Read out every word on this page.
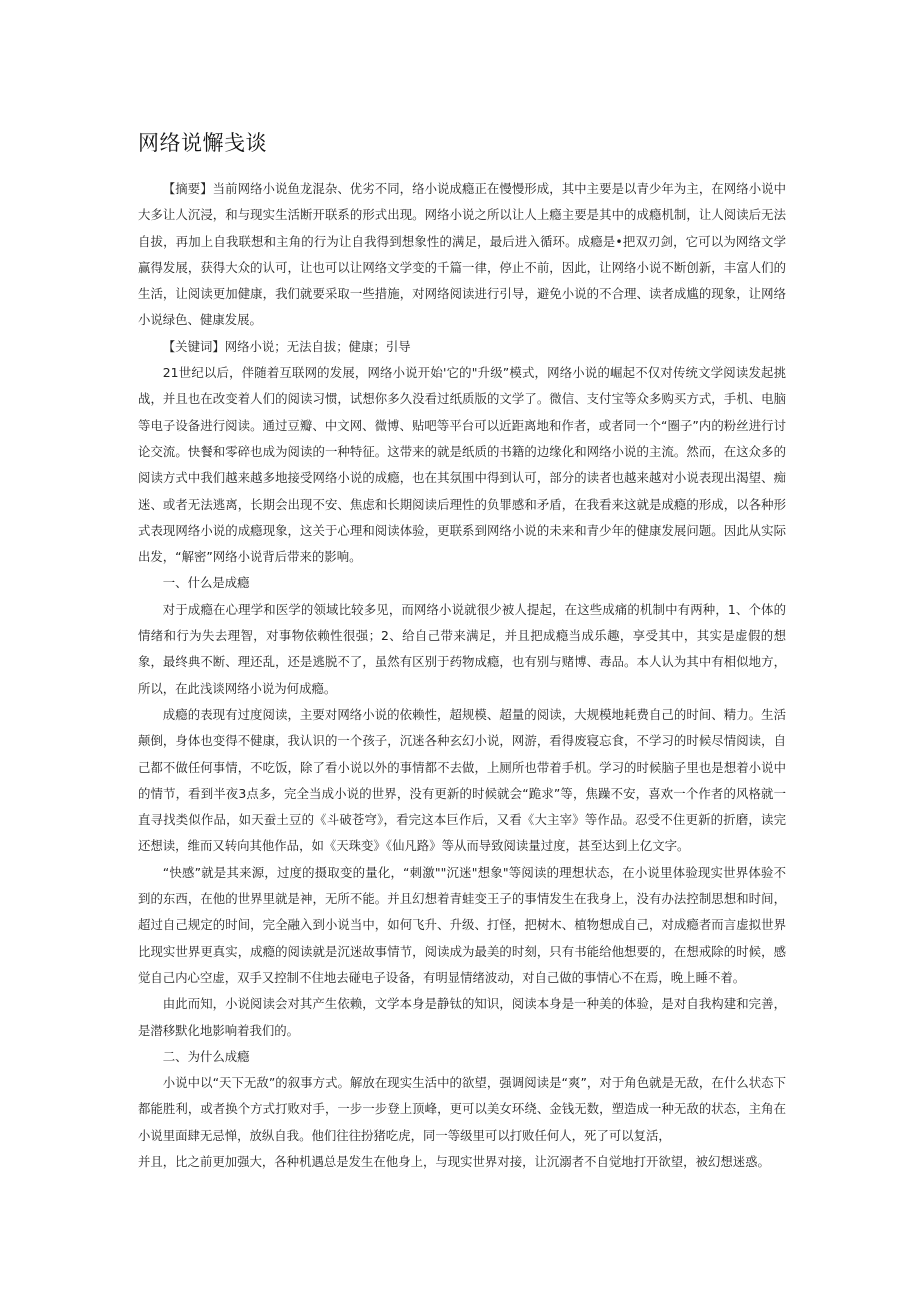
网络说懈戋谈

【摘要】当前网络小说鱼龙混杂、优劣不同，络小说成瘾正在慢慢形成，其中主要是以青少年为主，在网络小说中大多让人沉浸，和与现实生活断开联系的形式出现。网络小说之所以让人上瘾主要是其中的成瘾机制，让人阅读后无法自拔，再加上自我联想和主角的行为让自我得到想象性的满足，最后进入循环。成瘾是•把双刃剑，它可以为网络文学赢得发展，获得大众的认可，让也可以让网络文学变的千篇一律，停止不前，因此，让网络小说不断创新，丰富人们的生活，让阅读更加健康，我们就要采取一些措施，对网络阅读进行引导，避免小说的不合理、读者成尴的现象，让网络小说绿色、健康发展。

【关键词】网络小说；无法自拔；健康；引导

21世纪以后，伴随着互联网的发展，网络小说开始'它的"升级”模式，网络小说的崛起不仅对传统文学阅读发起挑战，并且也在改变着人们的阅读习惯，试想你多久没看过纸质版的文学了。微信、支付宝等众多购买方式，手机、电脑等电子设备进行阅读。通过豆瓣、中文网、微博、贴吧等平台可以近距离地和作者，或者同一个“圈子”内的粉丝进行讨论交流。快餐和零碎也成为阅读的一种特征。这带来的就是纸质的书籍的边缘化和网络小说的主流。然而，在这众多的阅读方式中我们越来越多地接受网络小说的成瘾，也在其氛围中得到认可，部分的读者也越来越对小说表现出渴望、痴迷、或者无法逃离，长期会出现不安、焦虑和长期阅读后理性的负罪感和矛盾，在我看来这就是成瘾的形成，以各种形式表现网络小说的成瘾现象，这关于心理和阅读体验，更联系到网络小说的未来和青少年的健康发展问题。因此从实际出发，“解密”网络小说背后带来的影响。

一、什么是成瘾

对于成瘾在心理学和医学的领域比较多见，而网络小说就很少被人提起，在这些成痛的机制中有两种，1、个体的情绪和行为失去理智，对事物依赖性很强；2、给自己带来满足，并且把成瘾当成乐趣，享受其中，其实是虚假的想象，最终典不断、理还乱，还是逃脱不了，虽然有区别于药物成瘾，也有别与赌博、毒品。本人认为其中有相似地方，所以，在此浅谈网络小说为何成瘾。

成瘾的表现有过度阅读，主要对网络小说的依赖性，超规模、超量的阅读，大规模地耗费自己的时间、精力。生活颠倒，身体也变得不健康，我认识的一个孩子，沉迷各种玄幻小说，网游，看得废寝忘食，不学习的时候尽情阅读，自己都不做任何事情，不吃饭，除了看小说以外的事情都不去做，上厕所也带着手机。学习的时候脑子里也是想着小说中的情节，看到半夜3点多，完全当成小说的世界，没有更新的时候就会“跪求”等，焦躁不安，喜欢一个作者的风格就一直寻找类似作品，如天蚕土豆的《斗破苍穹》，看完这本巨作后，又看《大主宰》等作品。忍受不住更新的折磨，读完还想读，维而又转向其他作品，如《天珠变》《仙凡路》等从而导致阅读量过度，甚至达到上亿文字。

“快感”就是其来源，过度的摄取变的量化，“刺激""沉迷"想象"等阅读的理想状态，在小说里体验现实世界体验不到的东西，在他的世界里就是神，无所不能。并且幻想着青蛙变王子的事情发生在我身上，没有办法控制思想和时间，超过自己规定的时间，完全融入到小说当中，如何飞升、升级、打怪，把树木、植物想成自己，对成瘾者而言虚拟世界比现实世界更真实，成瘾的阅读就是沉迷故事情节，阅读成为最美的时刻，只有书能给他想要的，在想戒除的时候，感觉自己内心空虚，双手又控制不住地去碰电子设备，有明显情绪波动，对自己做的事情心不在焉，晚上睡不着。

由此而知，小说阅读会对其产生依赖，文学本身是静钛的知识，阅读本身是一种美的体验，是对自我构建和完善，是潜移默化地影响着我们的。

二、为什么成瘾

小说中以“天下无敌”的叙事方式。解放在现实生活中的欲望，强调阅读是“爽”，对于角色就是无敌，在什么状态下都能胜利，或者换个方式打败对手，一步一步登上顶峰，更可以美女环绕、金钱无数，塑造成一种无敌的状态，主角在小说里面肆无忌惮，放纵自我。他们往往扮猪吃虎，同一等级里可以打败任何人，死了可以复活，

并且，比之前更加强大，各种机遇总是发生在他身上，与现实世界对接，让沉溺者不自觉地打开欲望，被幻想迷惑。
